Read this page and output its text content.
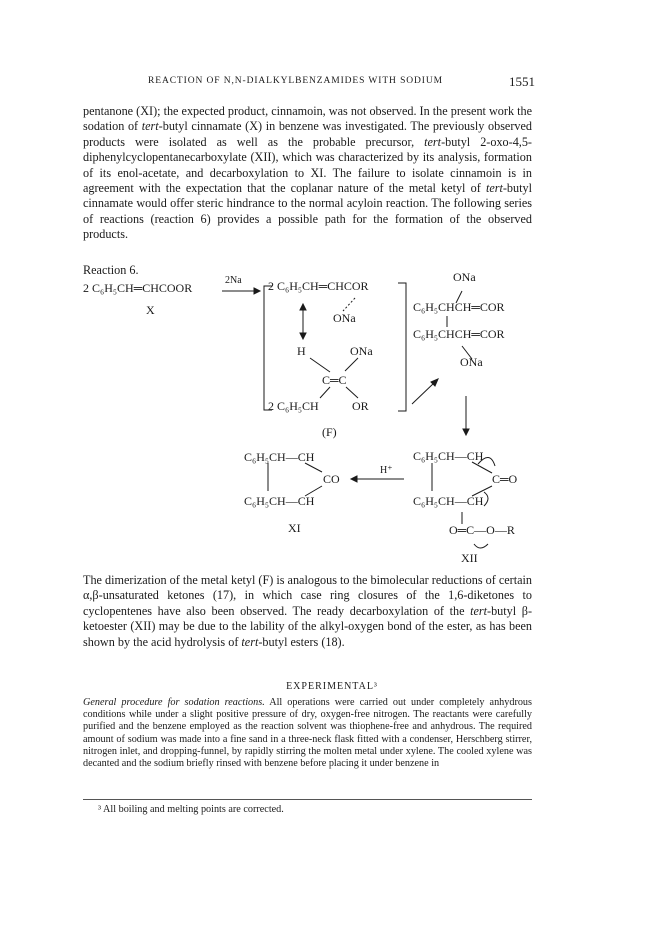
REACTION OF N,N-DIALKYLBENZAMIDES WITH SODIUM	1551

pentanone (XI); the expected product, cinnamoin, was not observed. In the present work the sodation of tert-butyl cinnamate (X) in benzene was investigated. The previously observed products were isolated as well as the probable precursor, tert-butyl 2-oxo-4,5-diphenylcyclopentanecarboxylate (XII), which was characterized by its analysis, formation of its enol-acetate, and decarboxylation to XI. The failure to isolate cinnamoin is in agreement with the expectation that the coplanar nature of the metal ketyl of tert-butyl cinnamate would offer steric hindrance to the normal acyloin reaction. The following series of reactions (reaction 6) provides a possible path for the formation of the observed products.

Reaction 6.
2 C₆H₅CH═CHCOOR
X
2Na 2 C₆H₅CH═CHCOR
ONa
H	ONa
C═C
2 C₆H₅CH	OR
(F)
ONa
C₆H₅CHCH═COR
C₆H₅CHCH═COR
ONa
C₆H₅CH—CH
CO
C₆H₅CH—CH
XI
H⁺
C₆H₅CH—CH
C═O
C₆H₅CH—CH
O═C—O—R
XII

The dimerization of the metal ketyl (F) is analogous to the bimolecular reductions of certain α,β-unsaturated ketones (17), in which case ring closures of the 1,6-diketones to cyclopentenes have also been observed. The ready decarboxylation of the tert-butyl β-ketoester (XII) may be due to the lability of the alkyl-oxygen bond of the ester, as has been shown by the acid hydrolysis of tert-butyl esters (18).

EXPERIMENTAL³

General procedure for sodation reactions. All operations were carried out under completely anhydrous conditions while under a slight positive pressure of dry, oxygen-free nitrogen. The reactants were carefully purified and the benzene employed as the reaction solvent was thiophene-free and anhydrous. The required amount of sodium was made into a fine sand in a three-neck flask fitted with a condenser, Herschberg stirrer, nitrogen inlet, and dropping-funnel, by rapidly stirring the molten metal under xylene. The cooled xylene was decanted and the sodium briefly rinsed with benzene before placing it under benzene in

³ All boiling and melting points are corrected.
